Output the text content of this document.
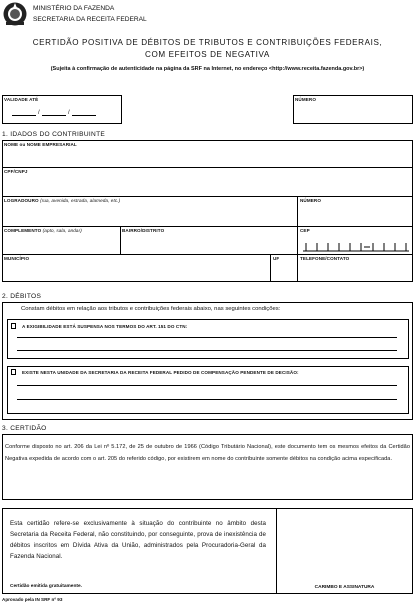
MINISTÉRIO DA FAZENDA
SECRETARIA DA RECEITA FEDERAL
CERTIDÃO POSITIVA DE DÉBITOS DE TRIBUTOS E CONTRIBUIÇÕES FEDERAIS,
COM EFEITOS DE NEGATIVA
(Sujeita à confirmação de autenticidade na página da SRF na Internet, no endereço <http://www.receita.fazenda.gov.br>)
VALIDADE ATÉ
/	/
NÚMERO
1. IDADOS DO CONTRIBUINTE
NOME ou NOME EMPRESARIAL
CPF/CNPJ
LOGRADOURO (rua, avenida, estrada, alameda, etc.)	NÚMERO
COMPLEMENTO (apto, sala, andar)	BAIRRO/DISTRITO	CEP
MUNICÍPIO	UF	TELEFONE/CONTATO
2. DÉBITOS
Constam débitos em relação aos tributos e contribuições federais abaixo, nas seguintes condições:
A EXIGIBILIDADE ESTÁ SUSPENSA NOS TERMOS DO ART. 151 DO CTN:
EXISTE NESTA UNIDADE DA SECRETARIA DA RECEITA FEDERAL PEDIDO DE COMPENSAÇÃO PENDENTE DE DECISÃO:
3. CERTIDÃO
Conforme disposto no art. 206 da Lei nº 5.172, de 25 de outubro de 1966 (Código Tributário Nacional), este documento tem os mesmos efeitos da Certidão Negativa expedida de acordo com o art. 205 do referido código, por existirem em nome do contribuinte somente débitos na condição acima especificada.
Esta certidão refere-se exclusivamente à situação do contribuinte no âmbito desta Secretaria da Receita Federal, não constituindo, por conseguinte, prova de inexistência de débitos inscritos em Dívida Ativa da União, administrados pela Procuradoria-Geral da Fazenda Nacional.
Certidão emitida gratuitamente.	CARIMBO E ASSINATURA
Aprovado pela IN SRF nº 93
